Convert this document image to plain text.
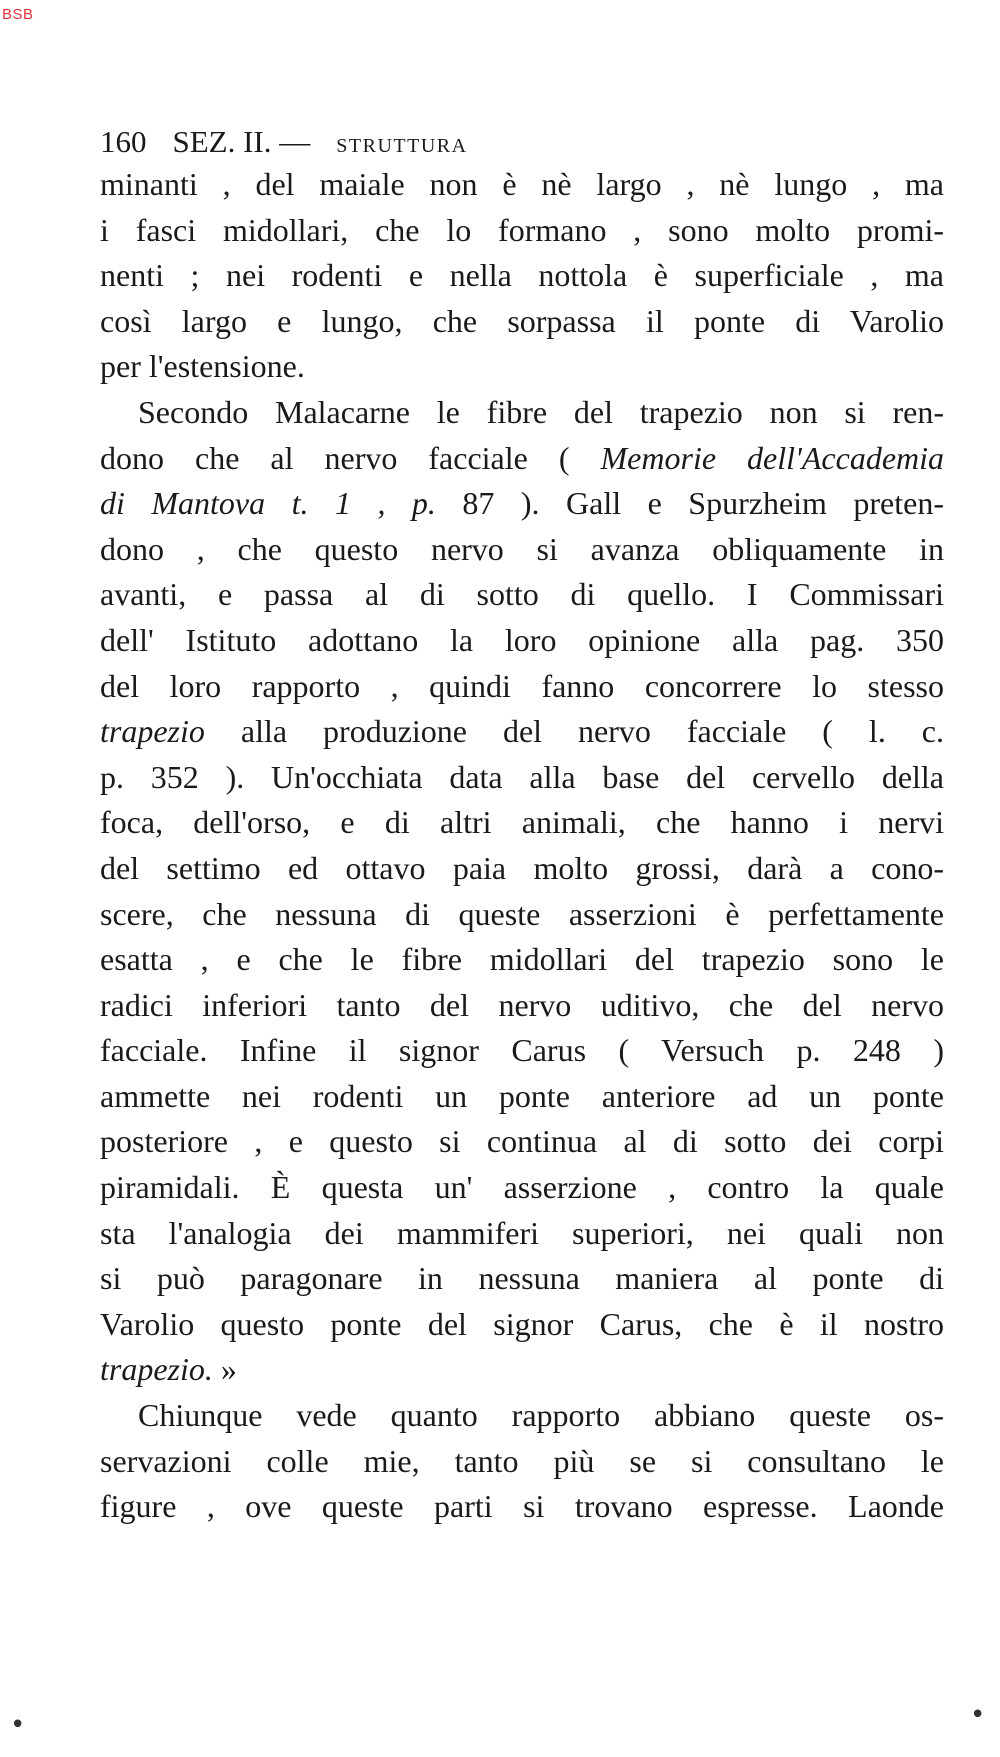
BSB
160 SEZ. II. — STRUTTURA
minanti , del maiale non è nè largo , nè lungo , ma
i fasci midollari, che lo formano , sono molto promi-
nenti ; nei rodenti e nella nottola è superficiale , ma
così largo e lungo, che sorpassa il ponte di Varolio
per l'estensione.
Secondo Malacarne le fibre del trapezio non si ren-
dono che al nervo facciale ( Memorie dell'Accademia
di Mantova t. 1 , p. 87 ). Gall e Spurzheim preten-
dono , che questo nervo si avanza obliquamente in
avanti, e passa al di sotto di quello. I Commissari
dell' Istituto adottano la loro opinione alla pag. 350
del loro rapporto , quindi fanno concorrere lo stesso
trapezio alla produzione del nervo facciale ( l. c.
p. 352 ). Un'occhiata data alla base del cervello della
foca, dell'orso, e di altri animali, che hanno i nervi
del settimo ed ottavo paia molto grossi, darà a cono-
scere, che nessuna di queste asserzioni è perfettamente
esatta , e che le fibre midollari del trapezio sono le
radici inferiori tanto del nervo uditivo, che del nervo
facciale. Infine il signor Carus ( Versuch p. 248 )
ammette nei rodenti un ponte anteriore ad un ponte
posteriore , e questo si continua al di sotto dei corpi
piramidali. È questa un' asserzione , contro la quale
sta l'analogia dei mammiferi superiori, nei quali non
si può paragonare in nessuna maniera al ponte di
Varolio questo ponte del signor Carus, che è il nostro
trapezio. »
Chiunque vede quanto rapporto abbiano queste os-
servazioni colle mie, tanto più se si consultano le
figure , ove queste parti si trovano espresse. Laonde
•	•
